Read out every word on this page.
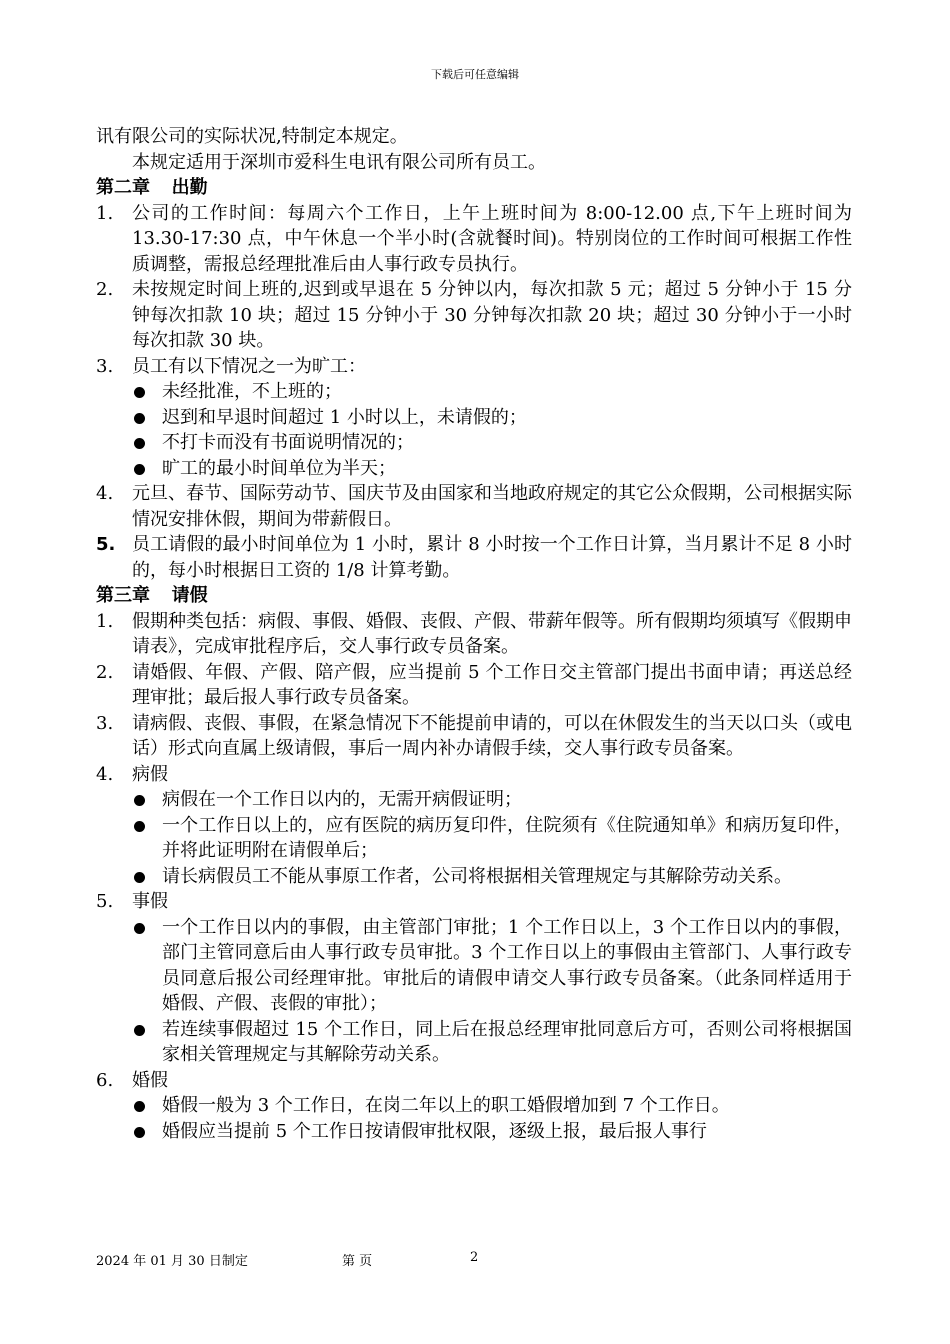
下载后可任意编辑

讯有限公司的实际状况,特制定本规定。

本规定适用于深圳市爱科生电讯有限公司所有员工。

第二章 出勤

1. 公司的工作时间：每周六个工作日，上午上班时间为 8:00-12.00 点,下午上班时间为 13.30-17:30 点，中午休息一个半小时(含就餐时间)。特别岗位的工作时间可根据工作性质调整，需报总经理批准后由人事行政专员执行。
2. 未按规定时间上班的,迟到或早退在 5 分钟以内，每次扣款 5 元；超过 5 分钟小于 15 分钟每次扣款 10 块；超过 15 分钟小于 30 分钟每次扣款 20 块；超过 30 分钟小于一小时每次扣款 30 块。
3. 员工有以下情况之一为旷工：
未经批准，不上班的；
迟到和早退时间超过 1 小时以上，未请假的；
不打卡而没有书面说明情况的；
旷工的最小时间单位为半天；
4. 元旦、春节、国际劳动节、国庆节及由国家和当地政府规定的其它公众假期，公司根据实际情况安排休假，期间为带薪假日。
5. 员工请假的最小时间单位为 1 小时，累计 8 小时按一个工作日计算，当月累计不足 8 小时的，每小时根据日工资的 1/8 计算考勤。

第三章 请假

1. 假期种类包括：病假、事假、婚假、丧假、产假、带薪年假等。所有假期均须填写《假期申请表》，完成审批程序后，交人事行政专员备案。
2. 请婚假、年假、产假、陪产假，应当提前 5 个工作日交主管部门提出书面申请；再送总经理审批；最后报人事行政专员备案。
3. 请病假、丧假、事假，在紧急情况下不能提前申请的，可以在休假发生的当天以口头（或电话）形式向直属上级请假，事后一周内补办请假手续，交人事行政专员备案。
4. 病假
病假在一个工作日以内的，无需开病假证明；
一个工作日以上的，应有医院的病历复印件，住院须有《住院通知单》和病历复印件，并将此证明附在请假单后；
请长病假员工不能从事原工作者，公司将根据相关管理规定与其解除劳动关系。
5. 事假
一个工作日以内的事假，由主管部门审批；1 个工作日以上，3 个工作日以内的事假，部门主管同意后由人事行政专员审批。3 个工作日以上的事假由主管部门、人事行政专员同意后报公司经理审批。审批后的请假申请交人事行政专员备案。（此条同样适用于婚假、产假、丧假的审批）；
若连续事假超过 15 个工作日，同上后在报总经理审批同意后方可，否则公司将根据国家相关管理规定与其解除劳动关系。
6. 婚假
婚假一般为 3 个工作日，在岗二年以上的职工婚假增加到 7 个工作日。
婚假应当提前 5 个工作日按请假审批权限，逐级上报，最后报人事行
2024 年 01 月 30 日制定	第 页	2
